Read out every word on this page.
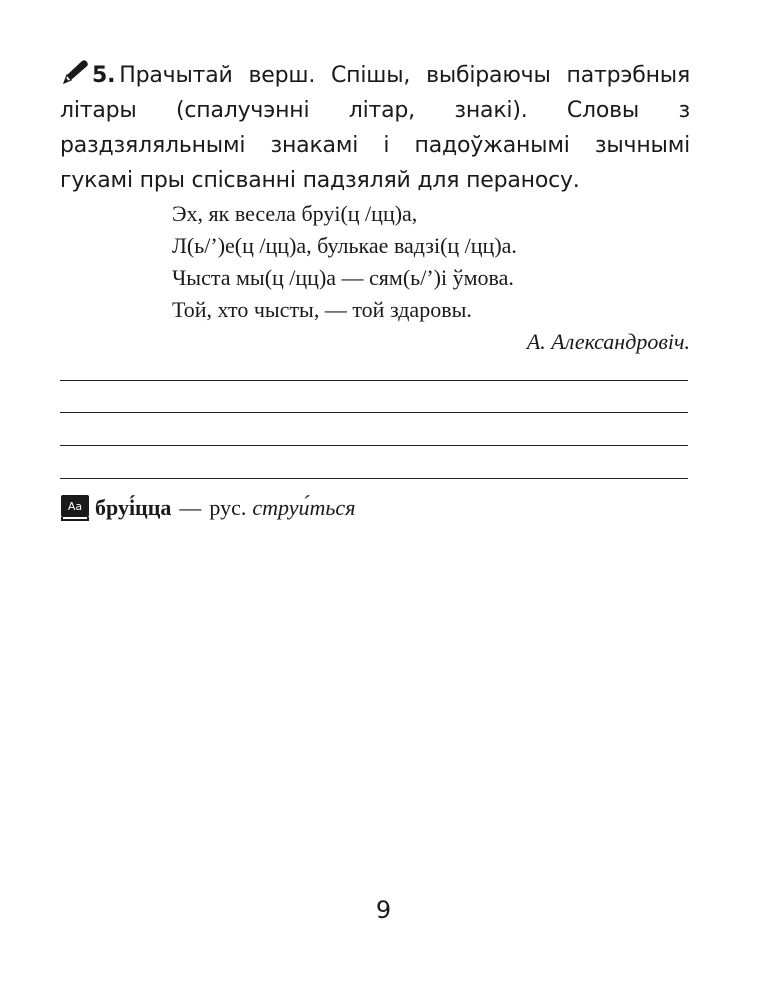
5. Прачытай верш. Спішы, выбіраючы патрэбныя літары (спалучэнні літар, знакі). Словы з раздзяляльнымі знакамі і падоўжанымі зычнымі гукамі пры спісванні падзяляй для пераносу.
Эх, як весела бруі(ц /цц)а,
Л(ь/’)е(ц /цц)а, булькае вадзі(ц /цц)а.
Чыста мы(ц /цц)а — сям(ь/’)і ўмова.
Той, хто чысты, — той здаровы.
А. Александровіч.
Aa бруі́цца — рус. струи́ться
9
